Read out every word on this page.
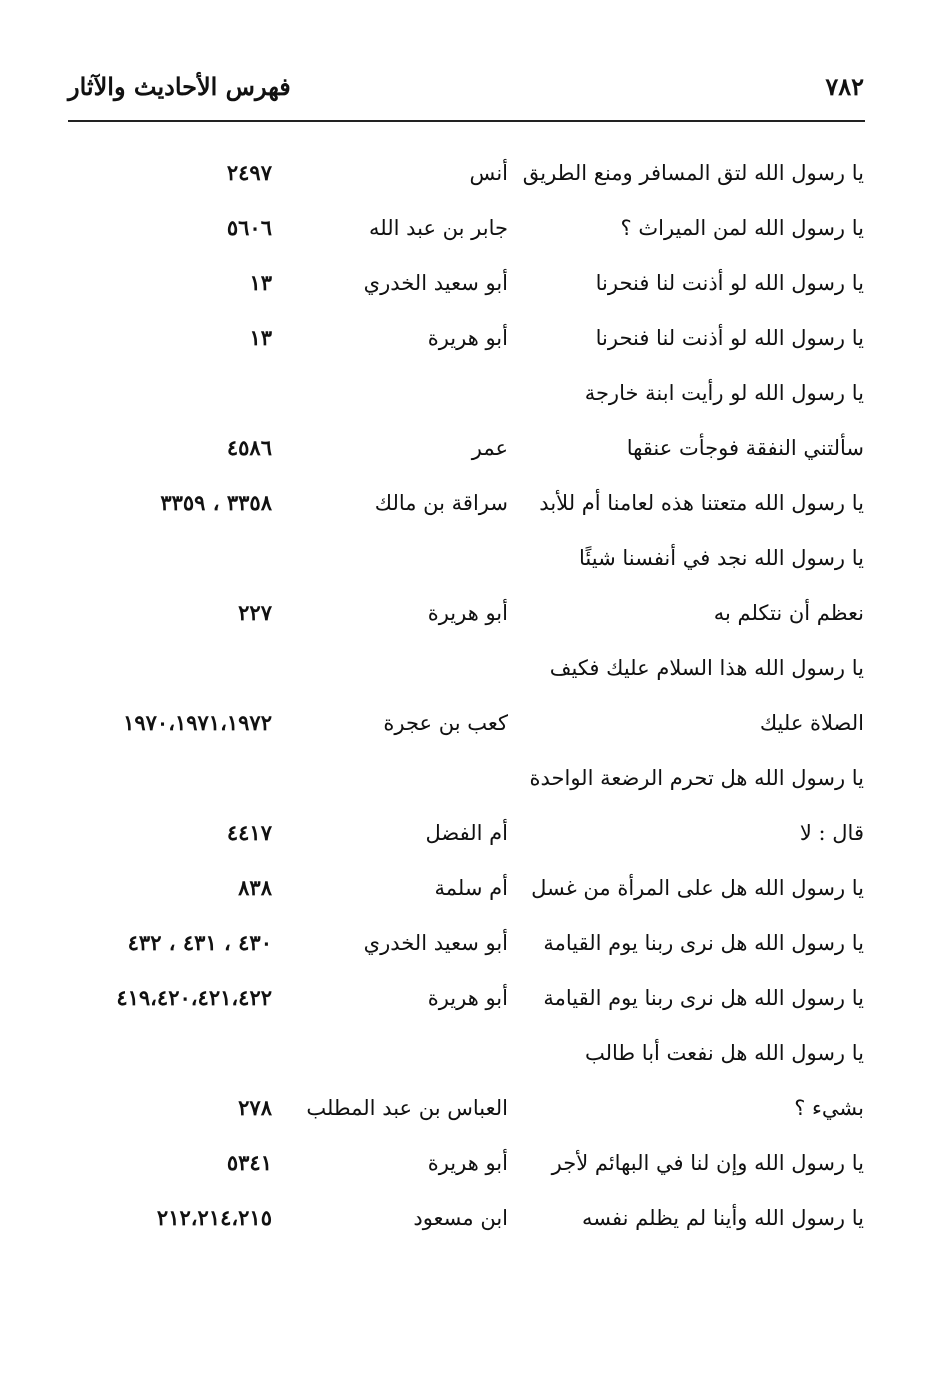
٧٨٢
فهرس الأحاديث والآثار
يا رسول الله لتق المسافر ومنع الطريق
أنس
٢٤٩٧
يا رسول الله لمن الميراث ؟
جابر بن عبد الله
٥٦٠٦
يا رسول الله لو أذنت لنا فنحرنا
أبو سعيد الخدري
١٣
يا رسول الله لو أذنت لنا فنحرنا
أبو هريرة
١٣
يا رسول الله لو رأيت ابنة خارجة
سألتني النفقة فوجأت عنقها
عمر
٤٥٨٦
يا رسول الله متعتنا هذه لعامنا أم للأبد
سراقة بن مالك
٣٣٥٨ ، ٣٣٥٩
يا رسول الله نجد في أنفسنا شيئًا
نعظم أن نتكلم به
أبو هريرة
٢٢٧
يا رسول الله هذا السلام عليك فكيف
الصلاة عليك
كعب بن عجرة
١٩٧٠،١٩٧١،١٩٧٢
يا رسول الله هل تحرم الرضعة الواحدة
قال : لا
أم الفضل
٤٤١٧
يا رسول الله هل على المرأة من غسل
أم سلمة
٨٣٨
يا رسول الله هل نرى ربنا يوم القيامة
أبو سعيد الخدري
٤٣٠ ، ٤٣١ ، ٤٣٢
يا رسول الله هل نرى ربنا يوم القيامة
أبو هريرة
٤١٩،٤٢٠،٤٢١،٤٢٢
يا رسول الله هل نفعت أبا طالب
بشيء ؟
العباس بن عبد المطلب
٢٧٨
يا رسول الله وإن لنا في البهائم لأجر
أبو هريرة
٥٣٤١
يا رسول الله وأينا لم يظلم نفسه
ابن مسعود
٢١٢،٢١٤،٢١٥
